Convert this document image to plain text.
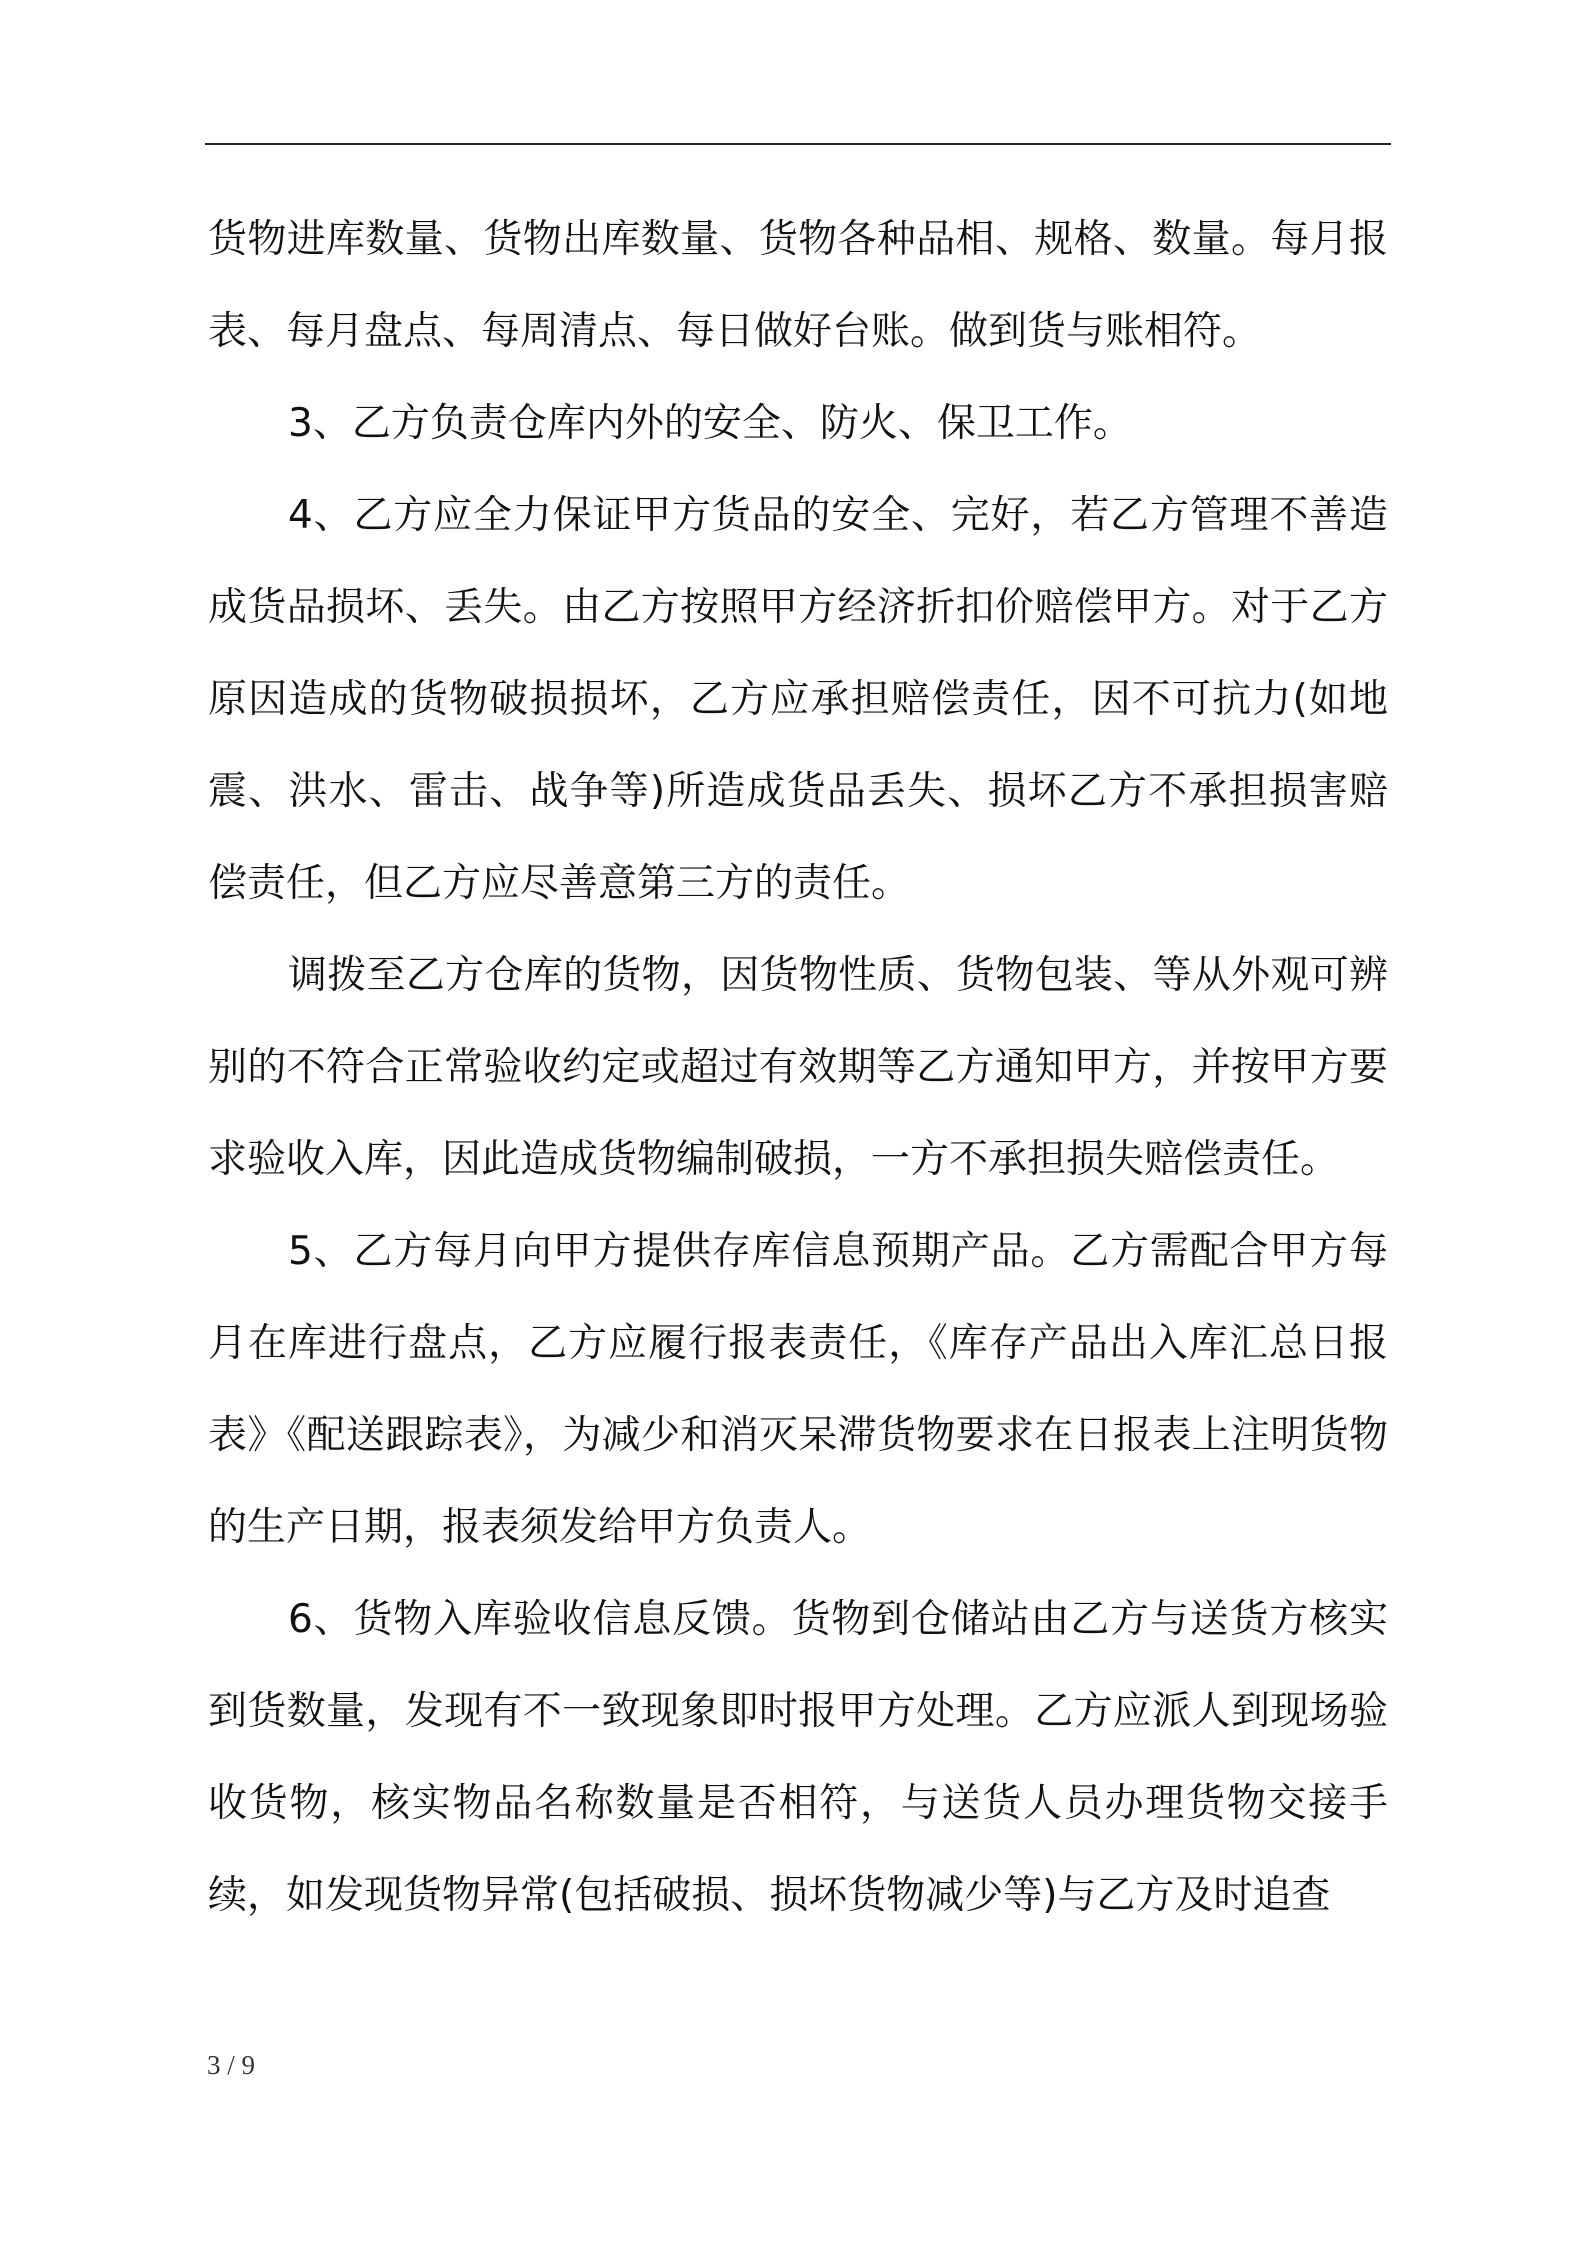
货物进库数量、货物出库数量、货物各种品相、规格、数量。每月报表、每月盘点、每周清点、每日做好台账。做到货与账相符。

3、乙方负责仓库内外的安全、防火、保卫工作。

4、乙方应全力保证甲方货品的安全、完好，若乙方管理不善造成货品损坏、丢失。由乙方按照甲方经济折扣价赔偿甲方。对于乙方原因造成的货物破损损坏，乙方应承担赔偿责任，因不可抗力(如地震、洪水、雷击、战争等)所造成货品丢失、损坏乙方不承担损害赔偿责任，但乙方应尽善意第三方的责任。

调拨至乙方仓库的货物，因货物性质、货物包装、等从外观可辨别的不符合正常验收约定或超过有效期等乙方通知甲方，并按甲方要求验收入库，因此造成货物编制破损，一方不承担损失赔偿责任。

5、乙方每月向甲方提供存库信息预期产品。乙方需配合甲方每月在库进行盘点，乙方应履行报表责任，《库存产品出入库汇总日报表》《配送跟踪表》，为减少和消灭呆滞货物要求在日报表上注明货物的生产日期，报表须发给甲方负责人。

6、货物入库验收信息反馈。货物到仓储站由乙方与送货方核实到货数量，发现有不一致现象即时报甲方处理。乙方应派人到现场验收货物，核实物品名称数量是否相符，与送货人员办理货物交接手续，如发现货物异常(包括破损、损坏货物减少等)与乙方及时追查

3 / 9
